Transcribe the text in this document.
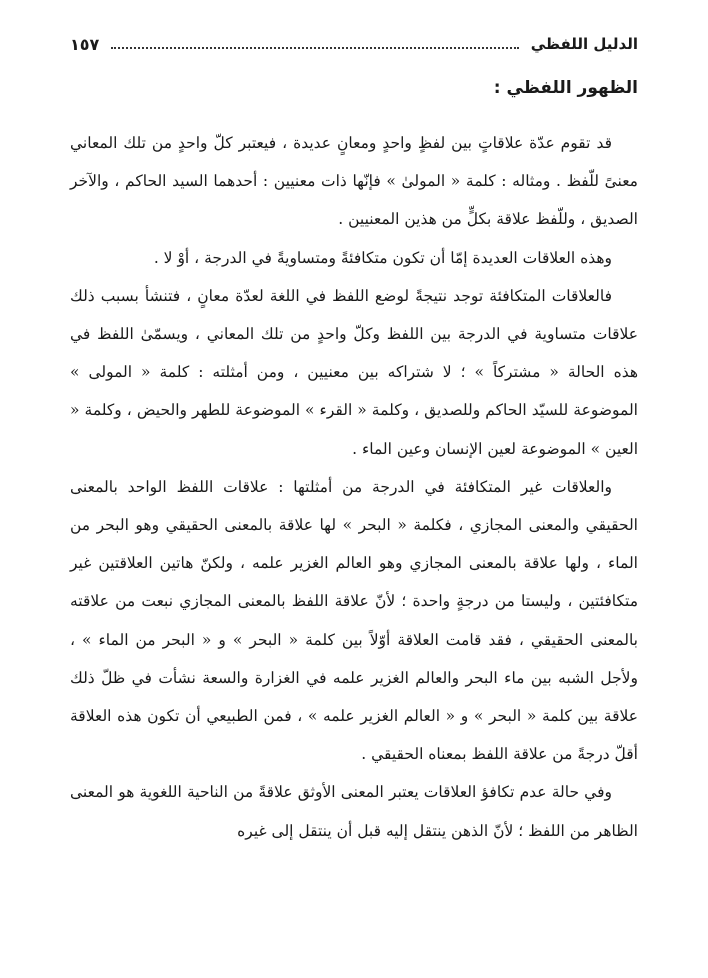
الدليل اللفظي
١٥٧
الظهور اللفظي :

قد تقوم عدّة علاقاتٍ بين لفظٍ واحدٍ ومعانٍ عديدة ، فيعتبر كلّ واحدٍ من تلك المعاني معنىً للّفظ . ومثاله : كلمة « المولىٰ » فإنّها ذات معنيين : أحدهما السيد الحاكم ، والآخر الصديق ، وللّفظ علاقة بكلٍّ من هذين المعنيين .

وهذه العلاقات العديدة إمّا أن تكون متكافئةً ومتساويةً في الدرجة ، أوْ لا .

فالعلاقات المتكافئة توجد نتيجةً لوضع اللفظ في اللغة لعدّة معانٍ ، فتنشأ بسبب ذلك علاقات متساوية في الدرجة بين اللفظ وكلّ واحدٍ من تلك المعاني ، ويسمّىٰ اللفظ في هذه الحالة « مشتركاً » ؛ لا شتراكه بين معنيين ، ومن أمثلته : كلمة « المولى » الموضوعة للسيّد الحاكم وللصديق ، وكلمة « القرء » الموضوعة للطهر والحيض ، وكلمة « العين » الموضوعة لعين الإنسان وعين الماء .

والعلاقات غير المتكافئة في الدرجة من أمثلتها : علاقات اللفظ الواحد بالمعنى الحقيقي والمعنى المجازي ، فكلمة « البحر » لها علاقة بالمعنى الحقيقي وهو البحر من الماء ، ولها علاقة بالمعنى المجازي وهو العالم الغزير علمه ، ولكنّ هاتين العلاقتين غير متكافئتين ، وليستا من درجةٍ واحدة ؛ لأنّ علاقة اللفظ بالمعنى المجازي نبعت من علاقته بالمعنى الحقيقي ، فقد قامت العلاقة أوّلاً بين كلمة « البحر » و « البحر من الماء » ، ولأجل الشبه بين ماء البحر والعالم الغزير علمه في الغزارة والسعة نشأت في ظلّ ذلك علاقة بين كلمة « البحر » و « العالم الغزير علمه » ، فمن الطبيعي أن تكون هذه العلاقة أقلّ درجةً من علاقة اللفظ بمعناه الحقيقي .

وفي حالة عدم تكافؤ العلاقات يعتبر المعنى الأوثق علاقةً من الناحية اللغوية هو المعنى الظاهر من اللفظ ؛ لأنّ الذهن ينتقل إليه قبل أن ينتقل إلى غيره
